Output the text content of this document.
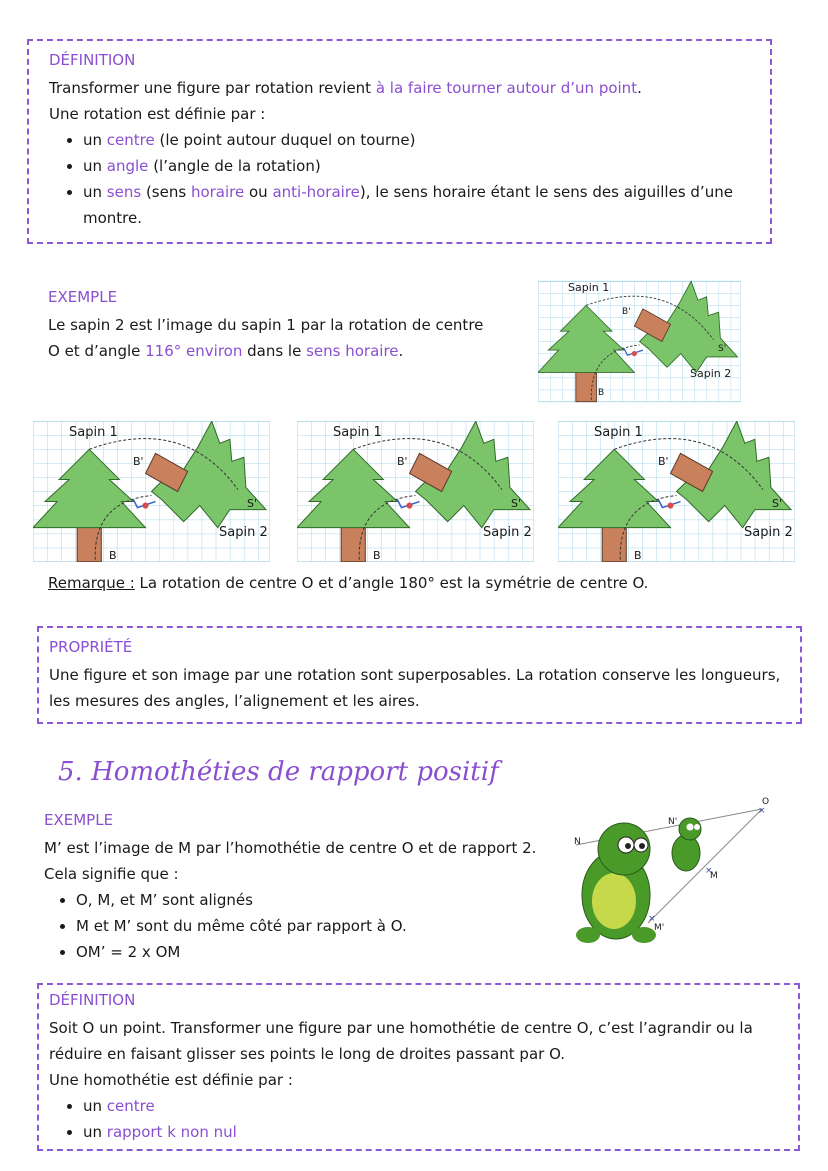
DÉFINITION
Transformer une figure par rotation revient à la faire tourner autour d’un point.
Une rotation est définie par :
• un centre (le point autour duquel on tourne)
• un angle (l’angle de la rotation)
• un sens (sens horaire ou anti-horaire), le sens horaire étant le sens des aiguilles d’une montre.
EXEMPLE
Le sapin 2 est l’image du sapin 1 par la rotation de centre
O et d’angle 116° environ dans le sens horaire.
Sapin 1
Sapin 2
B'
B
S'
Sapin 1
Sapin 2
B'
S'
B
Sapin 1
Sapin 2
B'
S'
B
Sapin 1
Sapin 2
B'
S'
B
Remarque : La rotation de centre O et d’angle 180° est la symétrie de centre O.
PROPRIÉTÉ
Une figure et son image par une rotation sont superposables. La rotation conserve les longueurs,
les mesures des angles, l’alignement et les aires.
5. Homothéties de rapport positif
EXEMPLE
M’ est l’image de M par l’homothétie de centre O et de rapport 2.
Cela signifie que :
• O, M, et M’ sont alignés
• M et M’ sont du même côté par rapport à O.
• OM’ = 2 x OM
×
×
×
O
N
N'
M
M'
DÉFINITION
Soit O un point. Transformer une figure par une homothétie de centre O, c’est l’agrandir ou la
réduire en faisant glisser ses points le long de droites passant par O.
Une homothétie est définie par :
• un centre
• un rapport k non nul
